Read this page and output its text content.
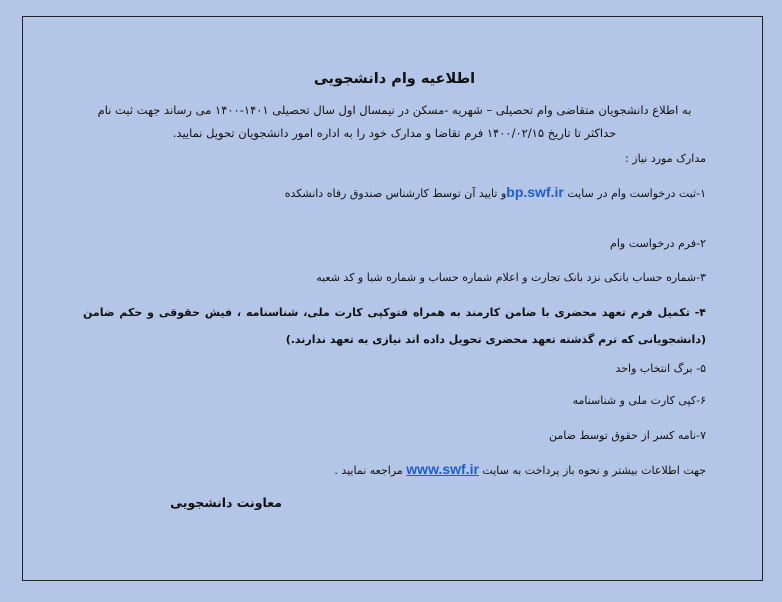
اطلاعیه وام دانشجویی
به اطلاع دانشجویان متقاضی وام تحصیلی – شهریه -مسکن در نیمسال اول سال تحصیلی ۱۴۰۱-۱۴۰۰ می رساند جهت ثبت نام حداکثر تا تاریخ ۱۴۰۰/۰۲/۱۵ فرم تقاضا و مدارک خود را به اداره امور دانشجویان تحویل نمایید.
مدارک مورد نیاز :
۱-ثبت درخواست وام در سایت bp.swf.irو تایید آن توسط کارشناس صندوق رفاه دانشکده
۲-فرم درخواست وام
۳-شماره حساب بانکی نزد بانک تجارت و اعلام شماره حساب و شماره شبا و کد شعبه
۴- تکمیل فرم تعهد محضری با ضامن کارمند به همراه فتوکپی کارت ملی، شناسنامه ، فیش حقوقی و حکم ضامن (دانشجویانی که ترم گذشته تعهد محضری تحویل داده اند نیازی به تعهد ندارند.)
۵- برگ انتخاب واحد
۶-کپی کارت ملی و شناسنامه
۷-نامه کسر از حقوق توسط ضامن
جهت اطلاعات بیشتر و نحوه باز پرداخت به سایت www.swf.ir مراجعه نمایید .
معاونت دانشجویی
